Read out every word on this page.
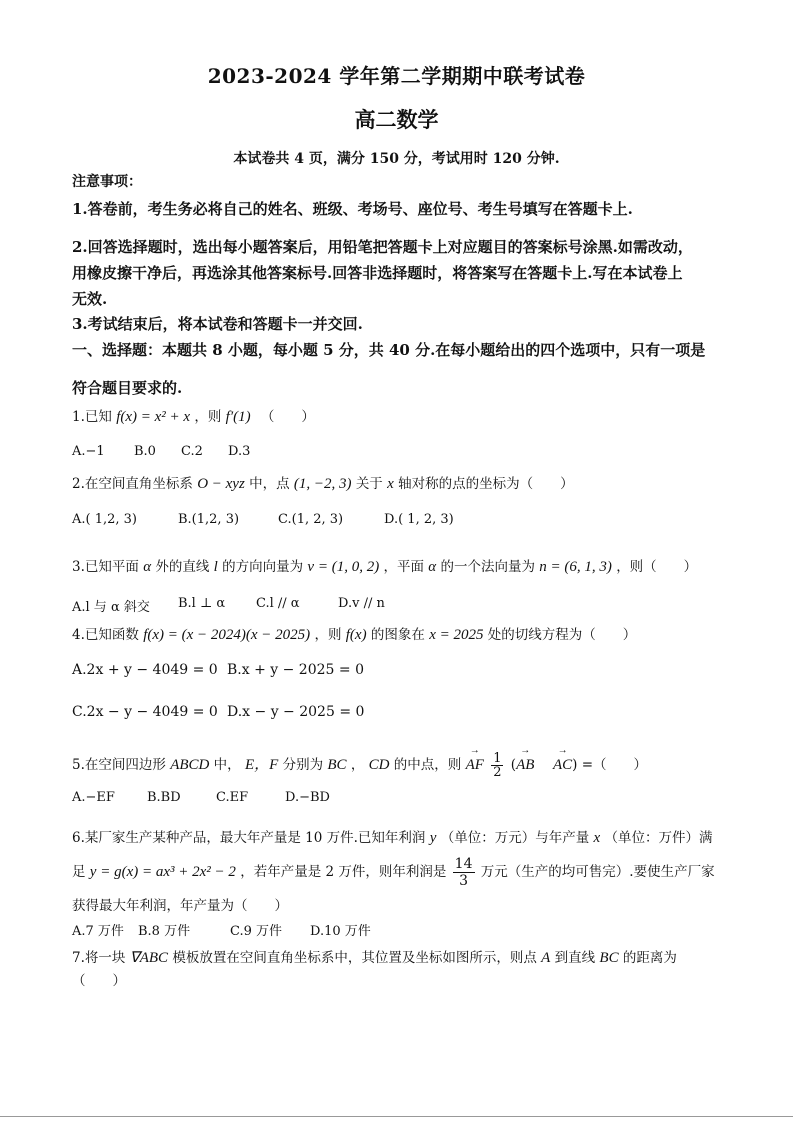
2023-2024 学年第二学期期中联考试卷
高二数学
本试卷共 4 页，满分 150 分，考试用时 120 分钟.
注意事项：
1.答卷前，考生务必将自己的姓名、班级、考场号、座位号、考生号填写在答题卡上.
2.回答选择题时，选出每小题答案后，用铅笔把答题卡上对应题目的答案标号涂黑.如需改动，
用橡皮擦干净后，再选涂其他答案标号.回答非选择题时，将答案写在答题卡上.写在本试卷上
无效.
3.考试结束后，将本试卷和答题卡一并交回.
一、选择题：本题共 8 小题，每小题 5 分，共 40 分.在每小题给出的四个选项中，只有一项是
符合题目要求的.
1.已知 f(x) = x² + x ，则 f′(1) （　　）
A.−1 B.0 C.2 D.3
2.在空间直角坐标系 O − xyz 中，点 (1, −2, 3) 关于 x 轴对称的点的坐标为（　　）
A.( 1,2, 3)	B.(1,2, 3)	C.(1, 2, 3)	D.( 1, 2, 3)
3.已知平面 α 外的直线 l 的方向向量为 v = (1, 0, 2) ，平面 α 的一个法向量为 n = (6, 1, 3) ，则（　　）
A.l 与 α 斜交 B.l ⊥ α C.l // α	D.v // n
4.已知函数 f(x) = (x − 2024)(x − 2025) ，则 f(x) 的图象在 x = 2025 处的切线方程为（　　）
A.2x + y − 4049 = 0 B.x + y − 2025 = 0
C.2x − y − 4049 = 0 D.x − y − 2025 = 0
5.在空间四边形 ABCD 中， E，F 分别为 BC ， CD 的中点，则 → AF $\frac{1}{2}$ (→ AB → AC) =（　　）
A.−EF B.BD	C.EF	D.−BD
6.某厂家生产某种产品，最大年产量是 10 万件.已知年利润 y （单位：万元）与年产量 x （单位：万件）满
足 y = g(x) = ax³ + 2x² − 2 ，若年产量是 2 万件，则年利润是 $\frac{14}{3}$ 万元（生产的均可售完）.要使生产厂家
获得最大年利润，年产量为（　　）
A.7 万件 B.8 万件	C.9 万件 D.10 万件
7.将一块 ∇ABC 模板放置在空间直角坐标系中，其位置及坐标如图所示，则点 A 到直线 BC 的距离为
（　　）
